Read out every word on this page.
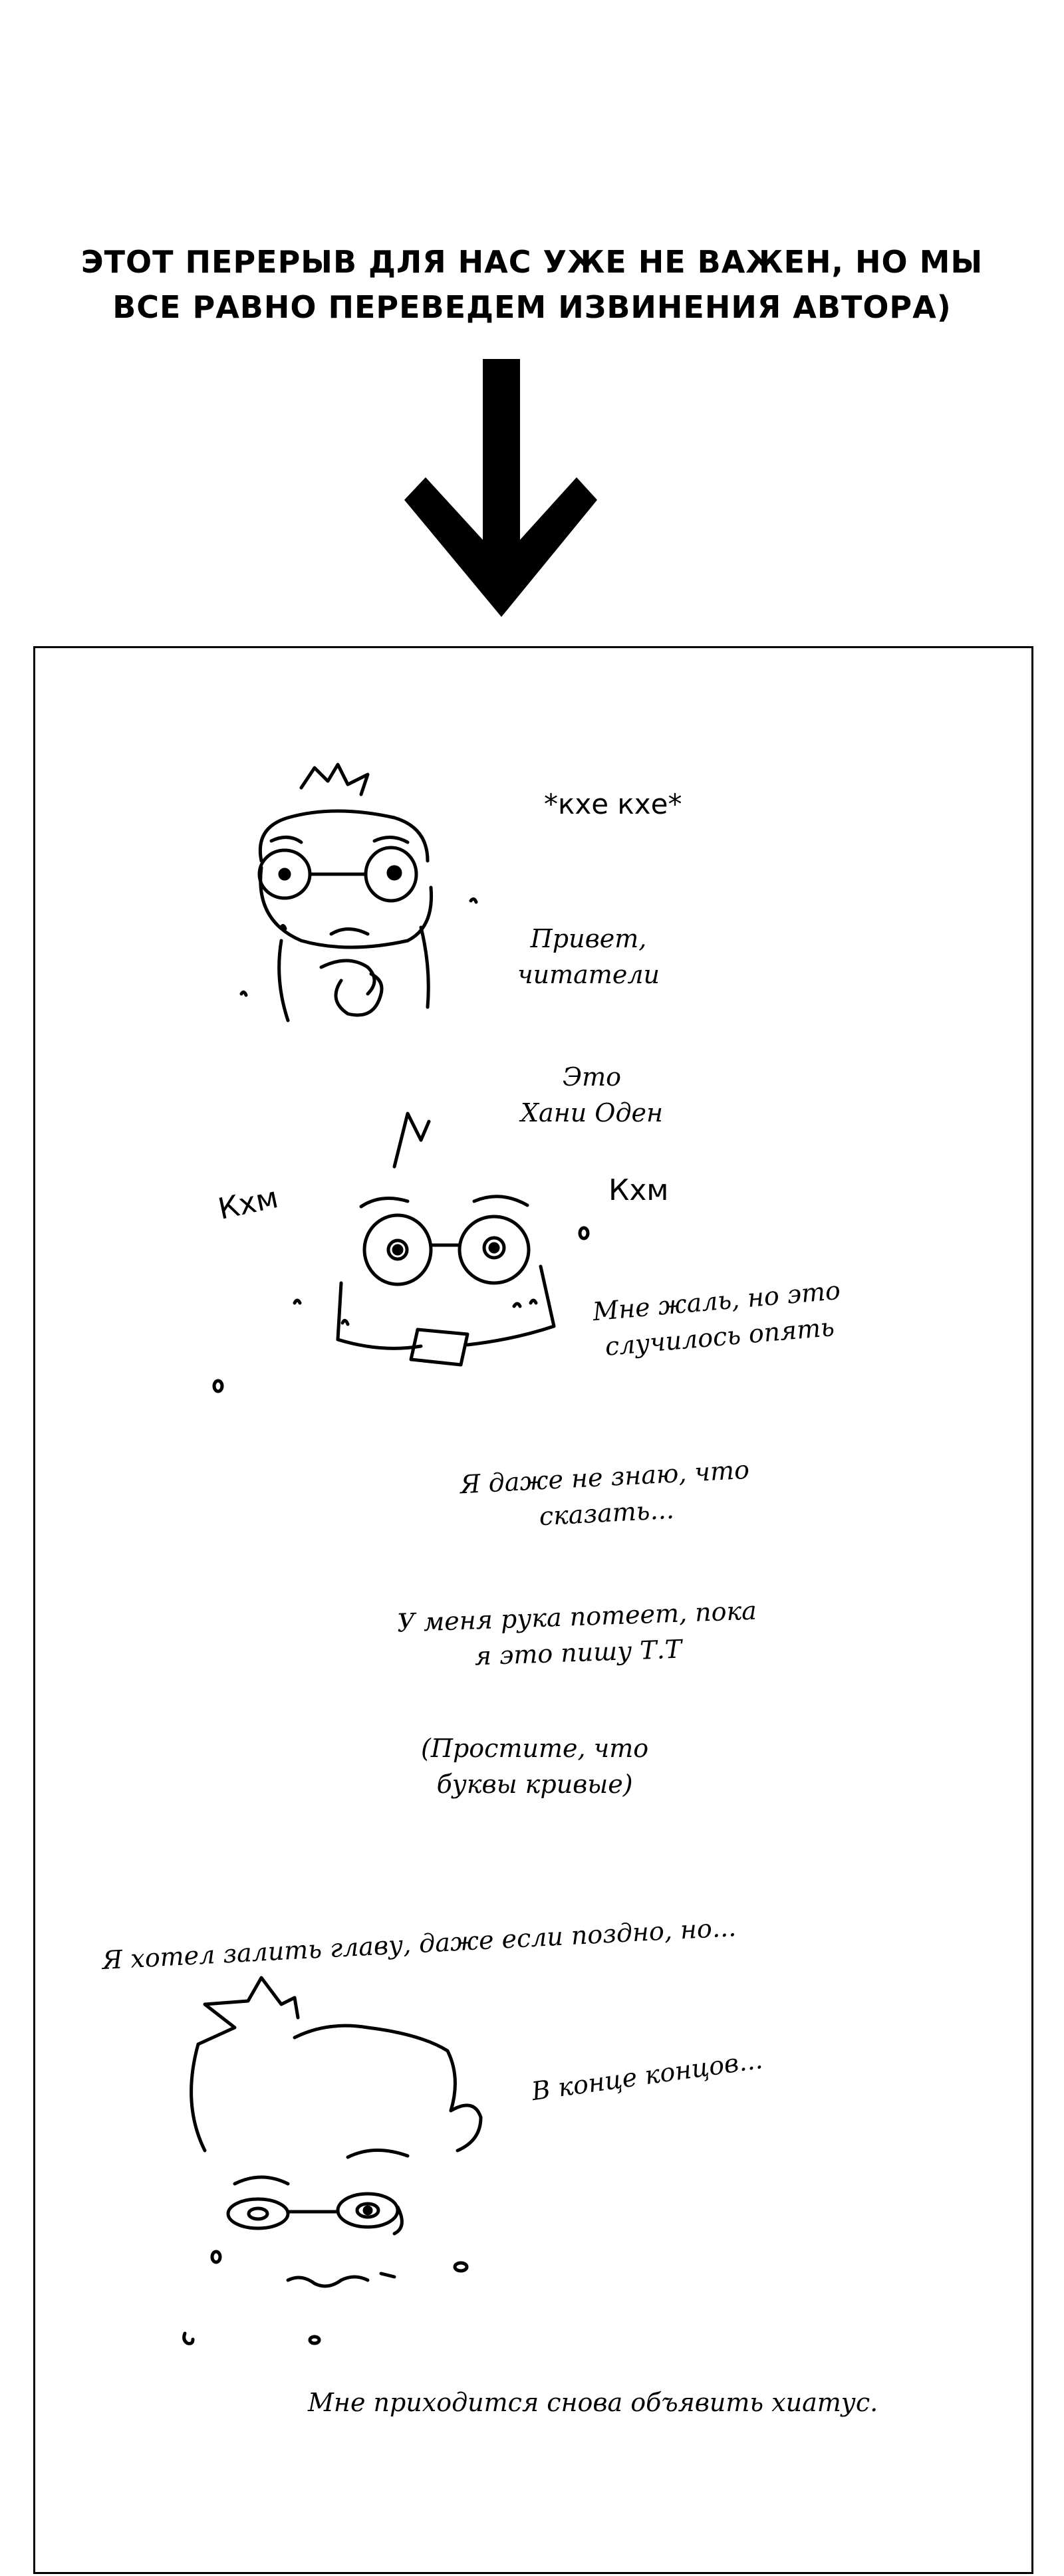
ЭТОТ ПЕРЕРЫВ ДЛЯ НАС УЖЕ НЕ ВАЖЕН, НО МЫ
ВСЕ РАВНО ПЕРЕВЕДЕМ ИЗВИНЕНИЯ АВТОРА)
*кхе кхе*
Привет,
читатели
Это
Хани Оден
Кхм	Кхм
Мне жаль, но это
случилось опять
Я даже не знаю, что
сказать...
У меня рука потеет, пока
я это пишу Т.Т
(Простите, что
буквы кривые)
Я хотел залить главу, даже если поздно, но...
В конце концов...
Мне приходится снова объявить хиатус.
